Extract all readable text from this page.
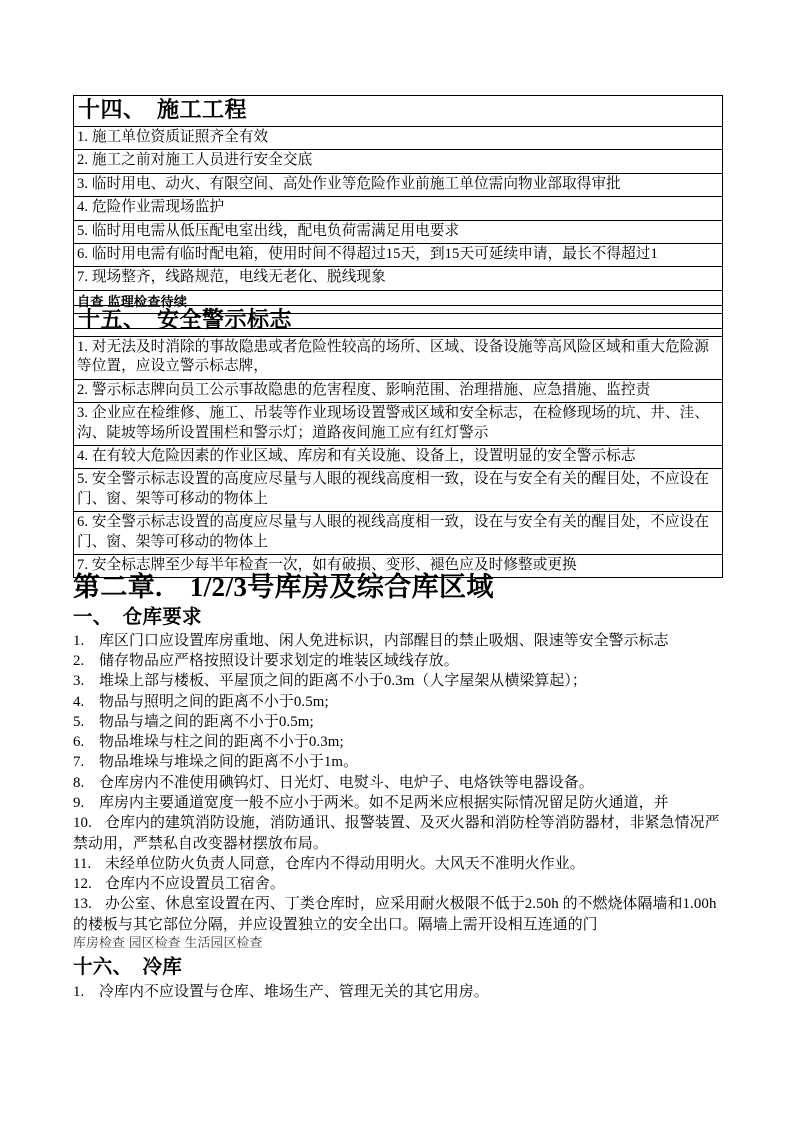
十四、　施工工程
1. 施工单位资质证照齐全有效
2. 施工之前对施工人员进行安全交底
3. 临时用电、动火、有限空间、高处作业等危险作业前施工单位需向物业部取得审批
4. 危险作业需现场监护
5. 临时用电需从低压配电室出线，配电负荷需满足用电要求
6. 临时用电需有临时配电箱，使用时间不得超过15天，到15天可延续申请，最长不得超过1
7. 现场整齐，线路规范，电线无老化、脱线现象
自查 监理检查待续

十五、　安全警示标志
1. 对无法及时消除的事故隐患或者危险性较高的场所、区域、设备设施等高风险区域和重大危险源等位置，应设立警示标志牌，
2. 警示标志牌向员工公示事故隐患的危害程度、影响范围、治理措施、应急措施、监控责
3. 企业应在检维修、施工、吊装等作业现场设置警戒区域和安全标志，在检修现场的坑、井、洼、沟、陡坡等场所设置围栏和警示灯；道路夜间施工应有红灯警示
4. 在有较大危险因素的作业区域、库房和有关设施、设备上，设置明显的安全警示标志
5. 安全警示标志设置的高度应尽量与人眼的视线高度相一致，设在与安全有关的醒目处，不应设在门、窗、架等可移动的物体上
6. 安全警示标志设置的高度应尽量与人眼的视线高度相一致，设在与安全有关的醒目处，不应设在门、窗、架等可移动的物体上
7. 安全标志牌至少每半年检查一次，如有破损、变形、褪色应及时修整或更换
第二章.　1/2/3号库房及综合库区域
一、　仓库要求
1. 库区门口应设置库房重地、闲人免进标识，内部醒目的禁止吸烟、限速等安全警示标志
2. 储存物品应严格按照设计要求划定的堆装区域线存放。
3. 堆垛上部与楼板、平屋顶之间的距离不小于0.3m（人字屋架从横梁算起）；
4. 物品与照明之间的距离不小于0.5m;
5. 物品与墙之间的距离不小于0.5m;
6. 物品堆垛与柱之间的距离不小于0.3m;
7. 物品堆垛与堆垛之间的距离不小于1m。
8. 仓库房内不准使用碘钨灯、日光灯、电熨斗、电炉子、电烙铁等电器设备。
9. 库房内主要通道宽度一般不应小于两米。如不足两米应根据实际情况留足防火通道，并
10. 仓库内的建筑消防设施，消防通讯、报警装置、及灭火器和消防栓等消防器材，非紧急情况严禁动用，严禁私自改变器材摆放布局。
11. 未经单位防火负责人同意，仓库内不得动用明火。大风天不准明火作业。
12. 仓库内不应设置员工宿舍。
13. 办公室、休息室设置在丙、丁类仓库时，应采用耐火极限不低于2.50h 的不燃烧体隔墙和1.00h的楼板与其它部位分隔，并应设置独立的安全出口。隔墙上需开设相互连通的门

库房检查 园区检查 生活园区检查

十六、　冷库
1. 冷库内不应设置与仓库、堆场生产、管理无关的其它用房。
